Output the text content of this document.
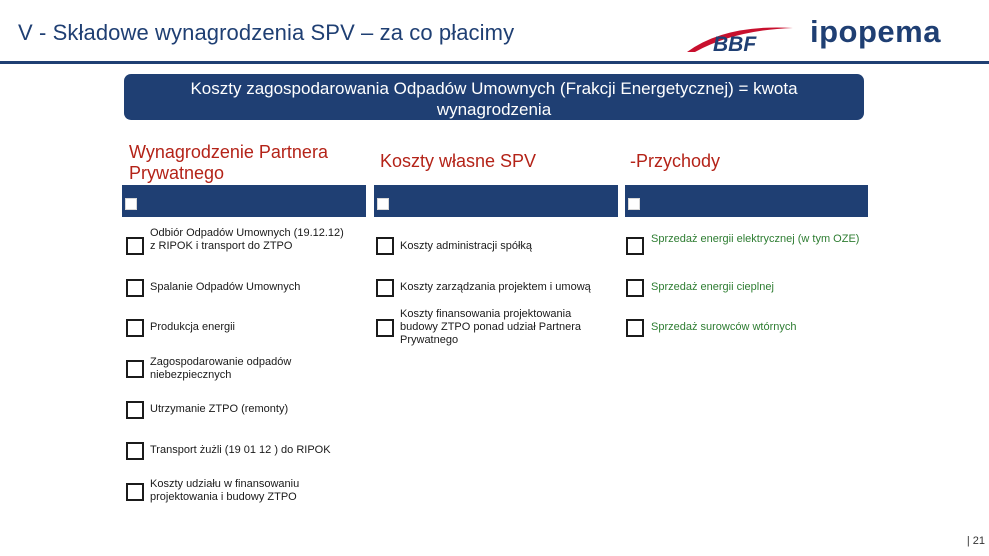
V - Składowe wynagrodzenia SPV – za co płacimy	BBF ipopema
Koszty zagospodarowania Odpadów Umownych (Frakcji Energetycznej) = kwota wynagrodzenia
Wynagrodzenie Partnera Prywatnego
Odbiór Odpadów Umownych (19.12.12) z RIPOK i transport do ZTPO
Spalanie Odpadów Umownych
Produkcja energii
Zagospodarowanie odpadów niebezpiecznych
Utrzymanie ZTPO (remonty)
Transport żużli (19 01 12 ) do RIPOK
Koszty udziału w finansowaniu projektowania i budowy ZTPO
Koszty własne SPV
Koszty administracji spółką
Koszty zarządzania projektem i umową
Koszty finansowania projektowania budowy ZTPO ponad udział Partnera Prywatnego
-Przychody
Sprzedaż energii elektrycznej (w tym OZE)
Sprzedaż energii cieplnej
Sprzedaż surowców wtórnych
| 21
